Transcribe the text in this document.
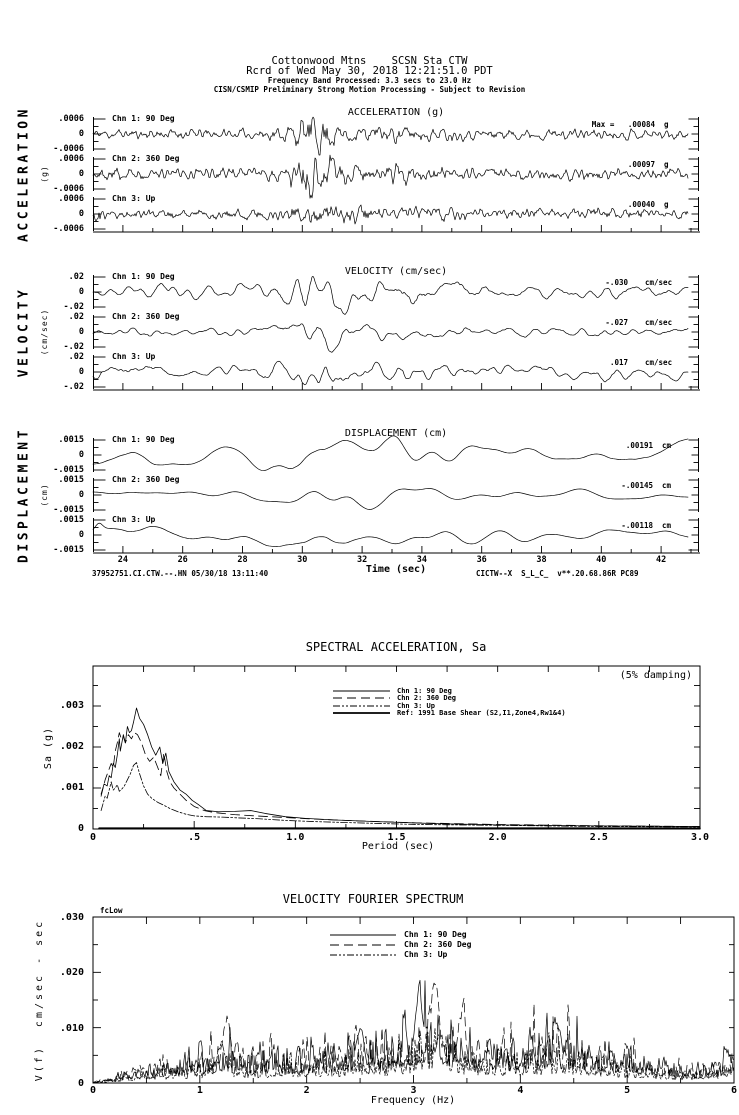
Cottonwood Mtns    SCSN Sta CTW
Rcrd of Wed May 30, 2018 12:21:51.0 PDT
Frequency Band Processed: 3.3 secs to 23.0 Hz
CISN/CSMIP Preliminary Strong Motion Processing - Subject to Revision
37952751.CI.CTW.--.HN 05/30/18 13:11:40	CICTW--X  S_L_C_  v**.20.68.86R PC89
ACCELERATION (g)
ACCELERATION (g)
.0006
0
-.0006
Chn 1: 90 Deg
Max =   .00084 g
.0006
0
-.0006
Chn 2: 360 Deg
.00097 g
.0006
0
-.0006
Chn 3: Up
.00040 g
VELOCITY (cm/sec)
VELOCITY (cm/sec)
.02
0
-.02
Chn 1: 90 Deg
-.030 cm/sec
.02
0
-.02
Chn 2: 360 Deg
-.027 cm/sec
.02
0
-.02
Chn 3: Up
.017 cm/sec
DISPLACEMENT (cm)
DISPLACEMENT (cm)
.0015
0
-.0015
Chn 1: 90 Deg
.00191 cm
.0015
0
-.0015
Chn 2: 360 Deg
-.00145 cm
.0015
0
-.0015
Chn 3: Up
-.00118 cm
24	26	28	30	32	34	36	38	40	42
Time (sec)
0	.5	1.0	1.5	2.0	2.5	3.0
0
.001
.002
.003
SPECTRAL ACCELERATION, Sa
(5% damping)
Sa (g)
Period (sec)
Chn 1: 90 Deg
Chn 2: 360 Deg
Chn 3: Up
Ref: 1991 Base Shear (S2,I1,Zone4,Rw1&4)
0	1	2	3	4	5	6
0
.010
.020
.030
VELOCITY FOURIER SPECTRUM
fcLow
V(f)  cm/sec - sec
Frequency (Hz)
Chn 1: 90 Deg
Chn 2: 360 Deg
Chn 3: Up
